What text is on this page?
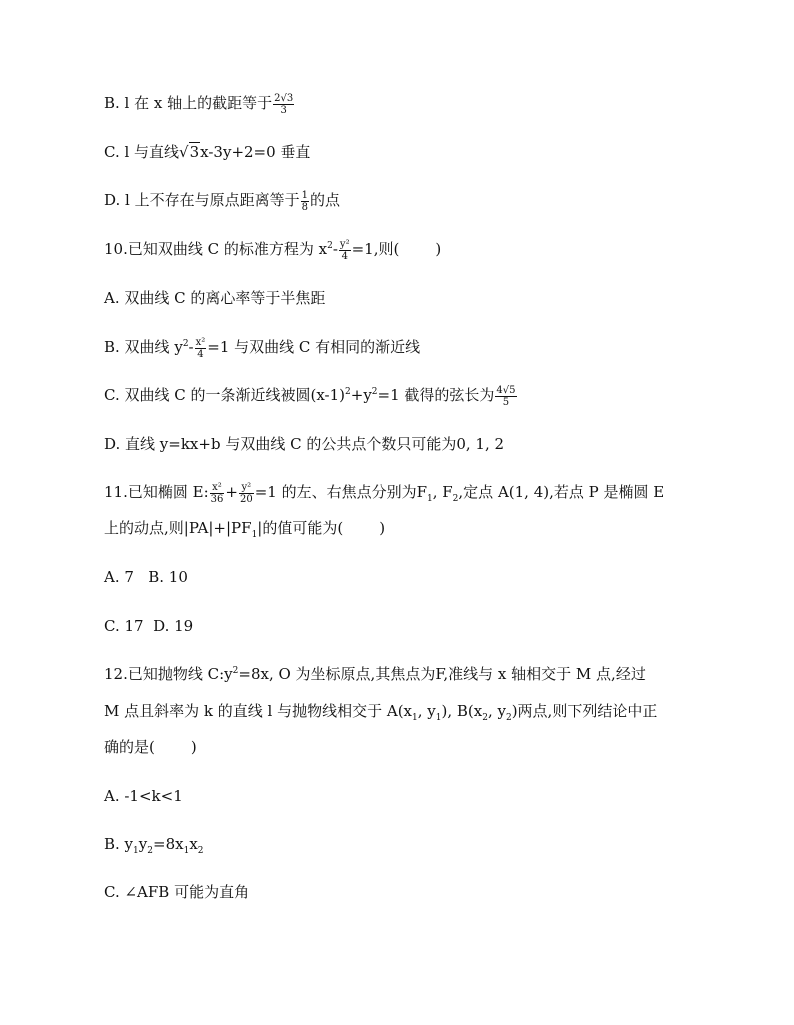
B. l 在 x 轴上的截距等于 $\frac{2√3}{3}$
C. l 与直线√3x-3y+2=0 垂直
D. l 上不存在与原点距离等于 $\frac{1}{8}$ 的点
10.已知双曲线 C 的标准方程为 $x^2- \frac{\text{y²}}{4} =1$,则( )
A. 双曲线 C 的离心率等于半焦距
B. 双曲线 $y^2- \frac{\text{x²}}{4} =1$ 与双曲线 C 有相同的渐近线
C. 双曲线 C 的一条渐近线被圆$(x-1)^2+y^2=1$ 截得的弦长为 $\frac{4√5}{5}$
D. 直线 y=kx+b 与双曲线 C 的公共点个数只可能为0, 1, 2
11.已知椭圆 E: $\frac{\text{x²}}{36} + \frac{\text{y²}}{20} =1$ 的左、右焦点分别为$F_1$, $F_2$,定点 A(1, 4),若点 P 是椭圆 E
上的动点,则$|PA|+|PF_1|$的值可能为( )
A. 7   B. 10
C. 17  D. 19
12.已知抛物线 $C:y^2=8x$, O 为坐标原点,其焦点为F,准线与 x 轴相交于 M 点,经过
M 点且斜率为 k 的直线 l 与抛物线相交于 $A(x_1$, $y_1$), $B(x_2$, $y_2$)两点,则下列结论中正
确的是( )
A. -1<k<1
B. $y_1y_2=8x_1x_2$
C. ∠AFB 可能为直角
